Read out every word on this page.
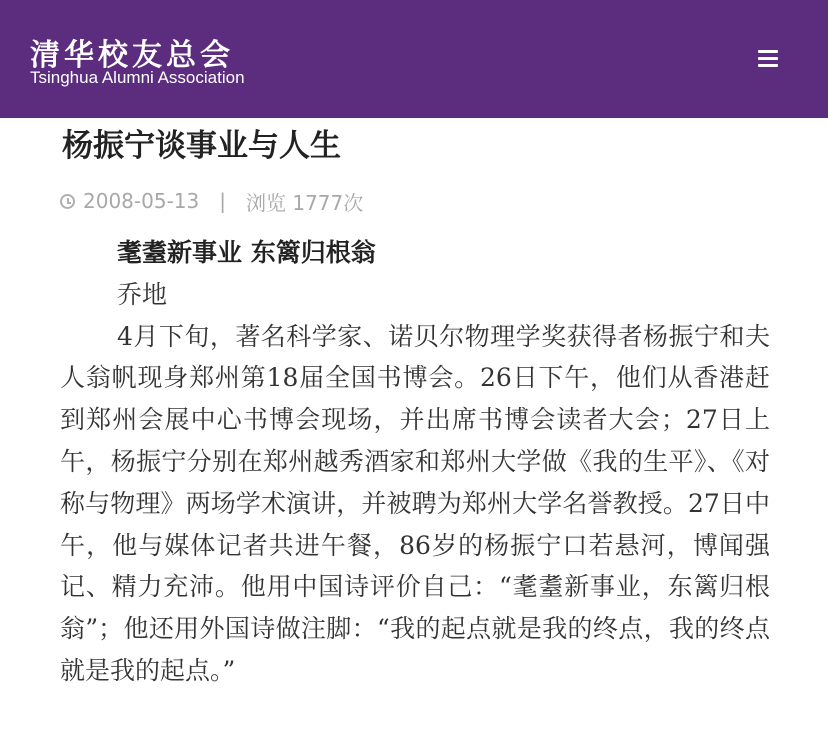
清华校友总会
Tsinghua Alumni Association
杨振宁谈事业与人生
2008-05-13 | 浏览 1777次
耄耋新事业 东篱归根翁
乔地

4月下旬，著名科学家、诺贝尔物理学奖获得者杨振宁和夫人翁帆现身郑州第18届全国书博会。26日下午，他们从香港赶到郑州会展中心书博会现场，并出席书博会读者大会；27日上午，杨振宁分别在郑州越秀酒家和郑州大学做《我的生平》、《对称与物理》两场学术演讲，并被聘为郑州大学名誉教授。27日中午，他与媒体记者共进午餐，86岁的杨振宁口若悬河，博闻强记、精力充沛。他用中国诗评价自己：“耄耋新事业，东篱归根翁”；他还用外国诗做注脚：“我的起点就是我的终点，我的终点就是我的起点。”
